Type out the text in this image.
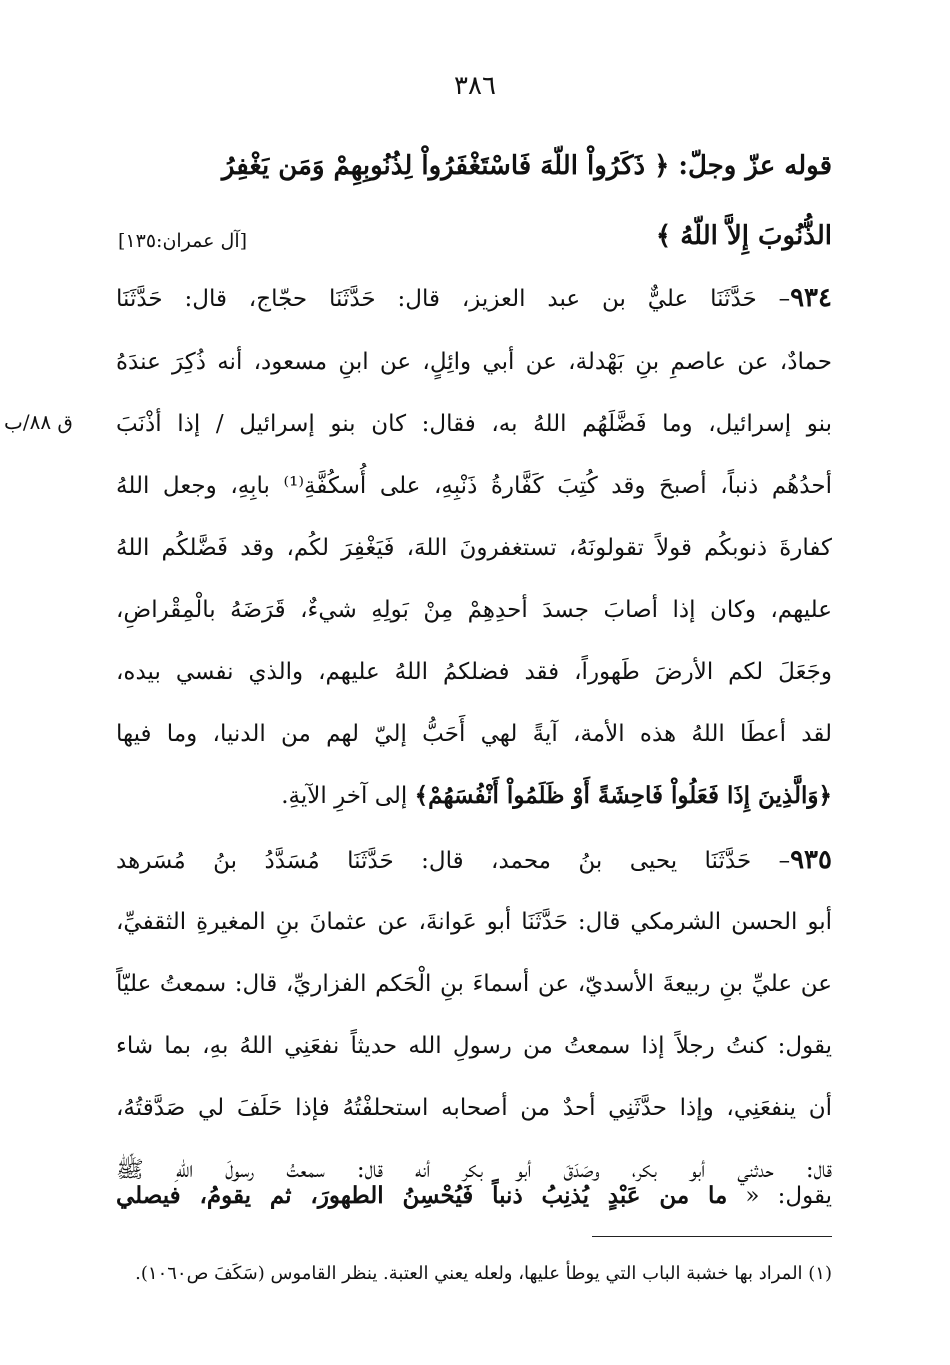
٣٨٦
قوله عزّ وجلّ: ﴿ ذَكَرُواْ اللّهَ فَاسْتَغْفَرُواْ لِذُنُوبِهِمْ وَمَن يَغْفِرُ
الذُّنُوبَ إِلاَّ اللّهُ ﴾
[آل عمران:١٣٥]
٩٣٤– حَدَّثَنَا عليٌّ بن عبد العزيز، قال: حَدَّثَنَا حجّاج، قال: حَدَّثَنَا
حمادٌ، عن عاصمِ بنِ بَهْدلة، عن أبي وائِلٍ، عن ابنِ مسعود، أنه ذُكِرَ عندَهُ
بنو إسرائيل، وما فَضَّلَهُم اللهُ به، فقال: كان بنو إسرائيل / إذا أذْنَبَ
ق ٨٨/ب
أحدُهُم ذنباً، أصبحَ وقد كُتِبَ كَفَّارةُ ذَنْبِهِ، على أُسكُفَّةِ⁽¹⁾ بابِهِ، وجعل اللهُ
كفارةَ ذنوبكُم قولاً تقولونَهُ، تستغفرونَ اللهَ، فَيَغْفِرَ لكُم، وقد فَضَّلكُم اللهُ
عليهم، وكان إذا أصابَ جسدَ أحدِهِمْ مِنْ بَولِهِ شيءٌ، قَرَضَهُ بالْمِقْراضِ،
وجَعَلَ لكم الأرضَ طَهوراً، فقد فضلكمُ اللهُ عليهم، والذي نفسي بيده،
لقد أعطَا اللهُ هذه الأمة، آيةً لهي أَحَبُّ إليّ لهم من الدنيا، وما فيها
﴿وَالَّذِينَ إِذَا فَعَلُواْ فَاحِشَةً أَوْ ظَلَمُواْ أَنْفُسَهُمْ﴾ إلى آخرِ الآيةِ.
٩٣٥– حَدَّثَنَا يحيى بنُ محمد، قال: حَدَّثَنَا مُسَدَّدُ بنُ مُسَرهد
أبو الحسن الشرمكي قال: حَدَّثَنَا أبو عَوانةَ، عن عثمانَ بنِ المغيرةِ الثقفيِّ،
عن عليِّ بنِ ربيعةَ الأسديّ، عن أسماءَ بنِ الْحَكم الفزاريِّ، قال: سمعتُ عليّاً
يقول: كنتُ رجلاً إذا سمعتُ من رسولِ الله حديثاً نفعَنِي اللهُ بهِ، بما شاء
أن ينفعَنِي، وإذا حدَّثَنِي أحدٌ من أصحابه استحلفْتُهُ فإذا حَلَفَ لي صَدَّقتُهُ،
قال: حدثني أبو بكر، وصَدَقَ أبو بكر أنه قال: سمعتُ رسولَ اللهِ ﷺ
(١) المراد بها خشبة الباب التي يوطأ عليها، ولعله يعني العتبة. ينظر القاموس (سَكَفَ ص١٠٦٠).
يقول: « ما من عَبْدٍ يُذنِبُ ذنباً فَيُحْسِنُ الطهورَ، ثم يقومُ، فيصلي
